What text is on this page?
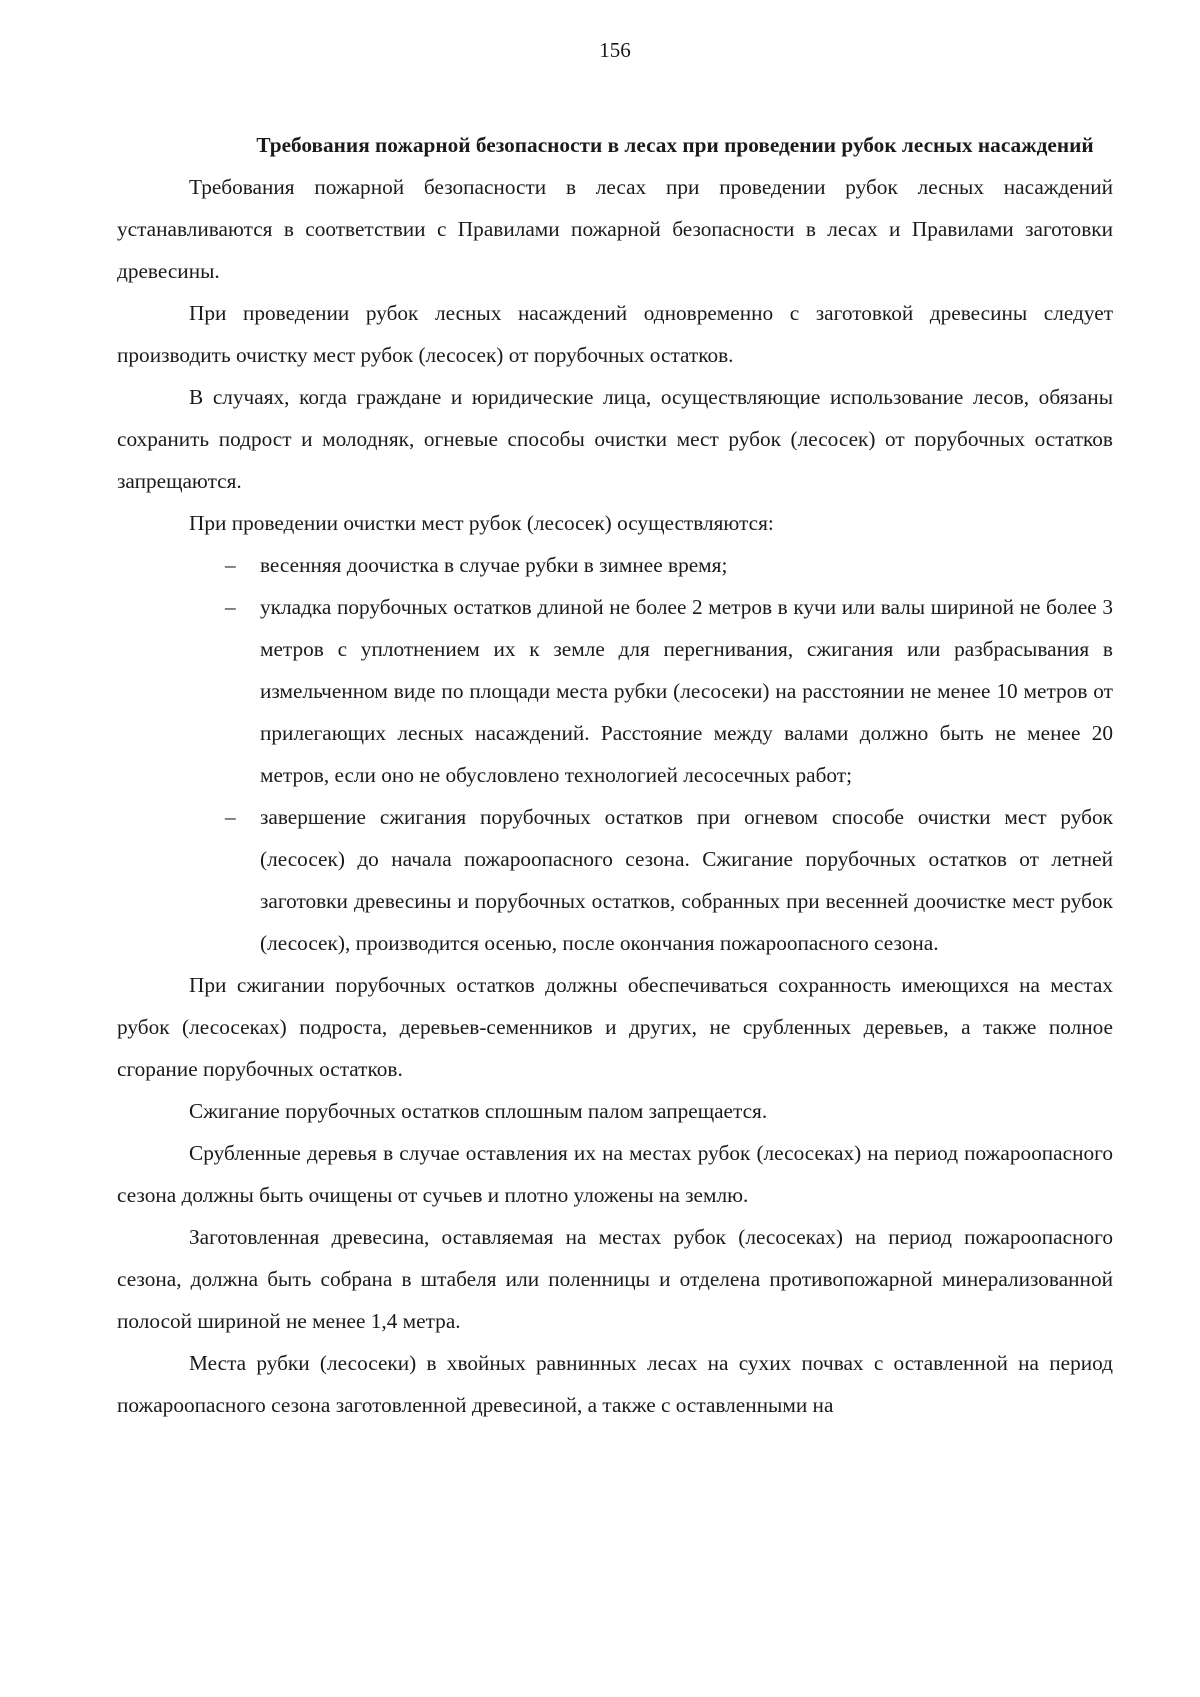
156
Требования пожарной безопасности в лесах при проведении рубок лесных насаждений

Требования пожарной безопасности в лесах при проведении рубок лесных насаждений устанавливаются в соответствии с Правилами пожарной безопасности в лесах и Правилами заготовки древесины.

При проведении рубок лесных насаждений одновременно с заготовкой древесины следует производить очистку мест рубок (лесосек) от порубочных остатков.

В случаях, когда граждане и юридические лица, осуществляющие использование лесов, обязаны сохранить подрост и молодняк, огневые способы очистки мест рубок (лесосек) от порубочных остатков запрещаются.

При проведении очистки мест рубок (лесосек) осуществляются:

– весенняя доочистка в случае рубки в зимнее время;
– укладка порубочных остатков длиной не более 2 метров в кучи или валы шириной не более 3 метров с уплотнением их к земле для перегнивания, сжигания или разбрасывания в измельченном виде по площади места рубки (лесосеки) на расстоянии не менее 10 метров от прилегающих лесных насаждений. Расстояние между валами должно быть не менее 20 метров, если оно не обусловлено технологией лесосечных работ;
– завершение сжигания порубочных остатков при огневом способе очистки мест рубок (лесосек) до начала пожароопасного сезона. Сжигание порубочных остатков от летней заготовки древесины и порубочных остатков, собранных при весенней доочистке мест рубок (лесосек), производится осенью, после окончания пожароопасного сезона.

При сжигании порубочных остатков должны обеспечиваться сохранность имеющихся на местах рубок (лесосеках) подроста, деревьев-семенников и других, не срубленных деревьев, а также полное сгорание порубочных остатков.

Сжигание порубочных остатков сплошным палом запрещается.

Срубленные деревья в случае оставления их на местах рубок (лесосеках) на период пожароопасного сезона должны быть очищены от сучьев и плотно уложены на землю.

Заготовленная древесина, оставляемая на местах рубок (лесосеках) на период пожароопасного сезона, должна быть собрана в штабеля или поленницы и отделена противопожарной минерализованной полосой шириной не менее 1,4 метра.

Места рубки (лесосеки) в хвойных равнинных лесах на сухих почвах с оставленной на период пожароопасного сезона заготовленной древесиной, а также с оставленными на
